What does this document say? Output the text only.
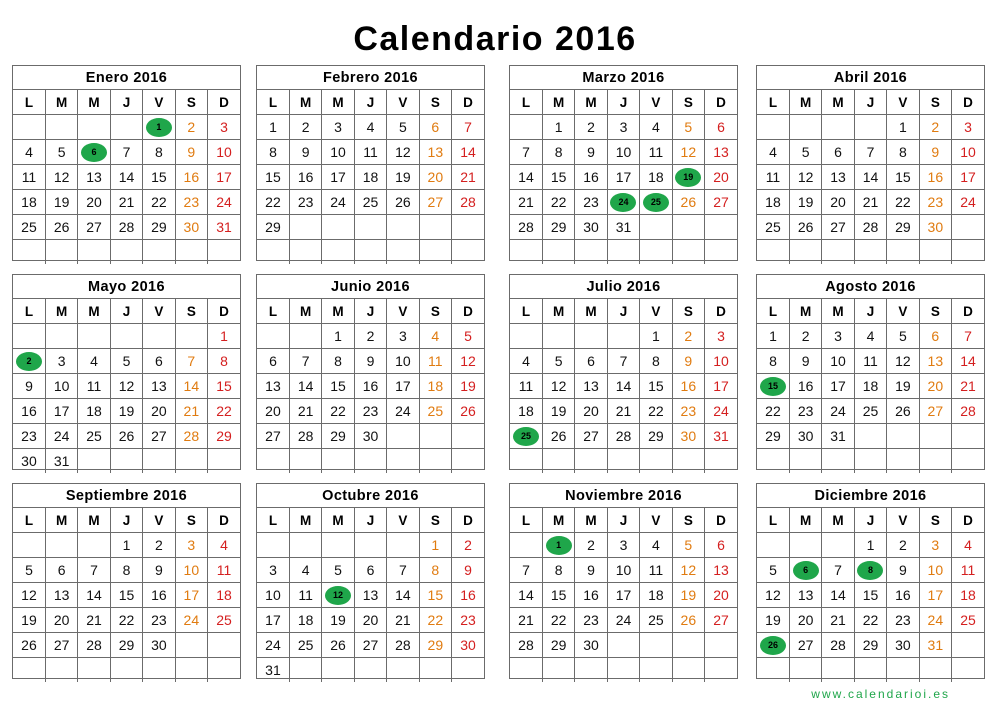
Calendario 2016
Enero 2016
L	M	M	J	V	S	D
				1	2	3
4	5	6	7	8	9	10
11	12	13	14	15	16	17
18	19	20	21	22	23	24
25	26	27	28	29	30	31

Febrero 2016
L	M	M	J	V	S	D
1	2	3	4	5	6	7
8	9	10	11	12	13	14
15	16	17	18	19	20	21
22	23	24	25	26	27	28
29						

Marzo 2016
L	M	M	J	V	S	D
	1	2	3	4	5	6
7	8	9	10	11	12	13
14	15	16	17	18	19	20
21	22	23	24	25	26	27
28	29	30	31			

Abril 2016
L	M	M	J	V	S	D
				1	2	3
4	5	6	7	8	9	10
11	12	13	14	15	16	17
18	19	20	21	22	23	24
25	26	27	28	29	30	

Mayo 2016
L	M	M	J	V	S	D
						1
2	3	4	5	6	7	8
9	10	11	12	13	14	15
16	17	18	19	20	21	22
23	24	25	26	27	28	29
30	31					
Junio 2016
L	M	M	J	V	S	D
		1	2	3	4	5
6	7	8	9	10	11	12
13	14	15	16	17	18	19
20	21	22	23	24	25	26
27	28	29	30			

Julio 2016
L	M	M	J	V	S	D
				1	2	3
4	5	6	7	8	9	10
11	12	13	14	15	16	17
18	19	20	21	22	23	24
25	26	27	28	29	30	31

Agosto 2016
L	M	M	J	V	S	D
1	2	3	4	5	6	7
8	9	10	11	12	13	14
15	16	17	18	19	20	21
22	23	24	25	26	27	28
29	30	31				

Septiembre 2016
L	M	M	J	V	S	D
			1	2	3	4
5	6	7	8	9	10	11
12	13	14	15	16	17	18
19	20	21	22	23	24	25
26	27	28	29	30		

Octubre 2016
L	M	M	J	V	S	D
					1	2
3	4	5	6	7	8	9
10	11	12	13	14	15	16
17	18	19	20	21	22	23
24	25	26	27	28	29	30
31						
Noviembre 2016
L	M	M	J	V	S	D
	1	2	3	4	5	6
7	8	9	10	11	12	13
14	15	16	17	18	19	20
21	22	23	24	25	26	27
28	29	30				

Diciembre 2016
L	M	M	J	V	S	D
			1	2	3	4
5	6	7	8	9	10	11
12	13	14	15	16	17	18
19	20	21	22	23	24	25
26	27	28	29	30	31	

www.calendarioi.es
